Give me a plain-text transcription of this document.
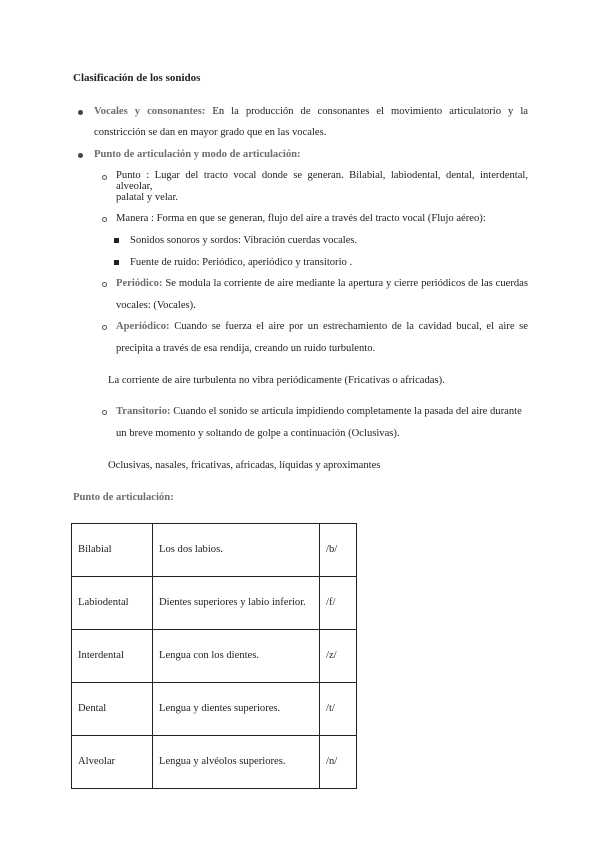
Clasificación de los sonidos
Vocales y consonantes: En la producción de consonantes el movimiento articulatorio y la
constricción se dan en mayor grado que en las vocales.
Punto de articulación y modo de articulación:
Punto : Lugar del tracto vocal donde se generan. Bilabial, labiodental, dental, interdental, alveolar,
palatal y velar.
Manera : Forma en que se generan, flujo del aire a través del tracto vocal (Flujo aéreo):
Sonidos sonoros y sordos: Vibración cuerdas vocales.
Fuente de ruido: Periódico, aperiódico y transitorio .
Periódico: Se modula la corriente de aire mediante la apertura y cierre periódicos de las cuerdas
vocales: (Vocales).
Aperiódico: Cuando se fuerza el aire por un estrechamiento de la cavidad bucal, el aire se
precipita a través de esa rendija, creando un ruido turbulento.
La corriente de aire turbulenta no vibra periódicamente (Fricativas o africadas).
Transitorio: Cuando el sonido se articula impidiendo completamente la pasada del aire durante
un breve momento y soltando de golpe a continuación (Oclusivas).
Oclusivas, nasales, fricativas, africadas, líquidas y aproximantes
Punto de articulación:
Bilabial	Los dos labios.	/b/
Labiodental	Dientes superiores y labio inferior.	/f/
Interdental	Lengua con los dientes.	/z/
Dental	Lengua y dientes superiores.	/t/
Alveolar	Lengua y alvéolos superiores.	/n/
